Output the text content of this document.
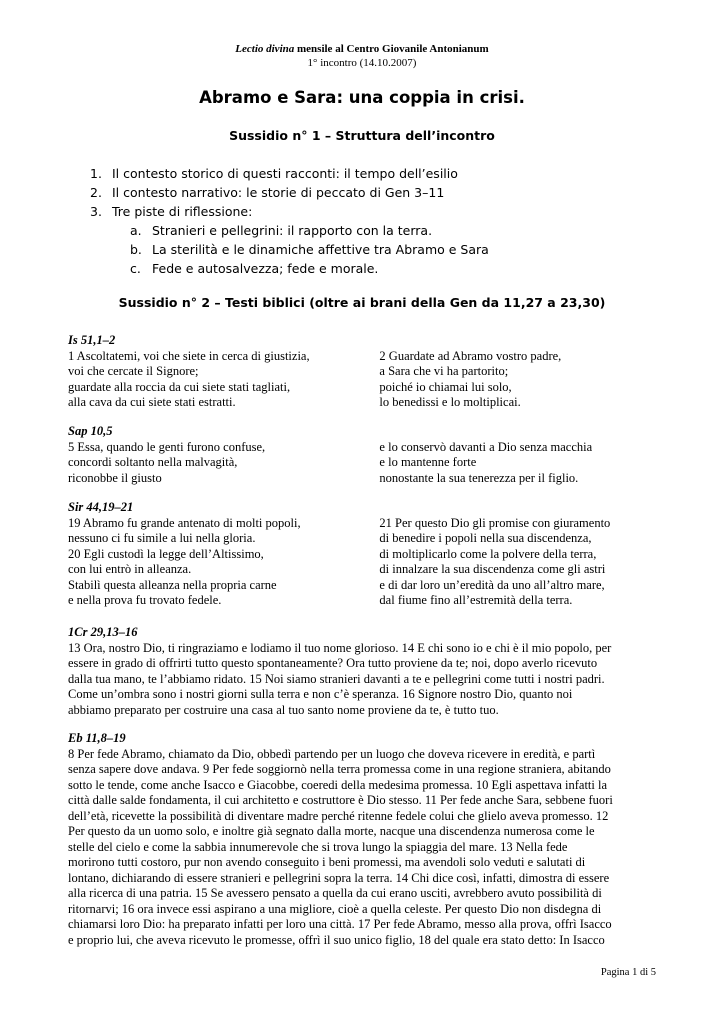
Lectio divina mensile al Centro Giovanile Antonianum
1° incontro (14.10.2007)
Abramo e Sara: una coppia in crisi.
Sussidio n° 1 – Struttura dell’incontro
1. Il contesto storico di questi racconti: il tempo dell’esilio
2. Il contesto narrativo: le storie di peccato di Gen 3–11
3. Tre piste di riflessione:
a. Stranieri e pellegrini: il rapporto con la terra.
b. La sterilità e le dinamiche affettive tra Abramo e Sara
c. Fede e autosalvezza; fede e morale.
Sussidio n° 2 – Testi biblici (oltre ai brani della Gen da 11,27 a 23,30)
Is 51,1–2
1 Ascoltatemi, voi che siete in cerca di giustizia,
voi che cercate il Signore;
guardate alla roccia da cui siete stati tagliati,
alla cava da cui siete stati estratti.
2 Guardate ad Abramo vostro padre,
a Sara che vi ha partorito;
poiché io chiamai lui solo,
lo benedissi e lo moltiplicai.
Sap 10,5
5 Essa, quando le genti furono confuse,
concordi soltanto nella malvagità,
riconobbe il giusto
e lo conservò davanti a Dio senza macchia
e lo mantenne forte
nonostante la sua tenerezza per il figlio.
Sir 44,19–21
19 Abramo fu grande antenato di molti popoli,
nessuno ci fu simile a lui nella gloria.
20 Egli custodì la legge dell’Altissimo,
con lui entrò in alleanza.
Stabilì questa alleanza nella propria carne
e nella prova fu trovato fedele.
21 Per questo Dio gli promise con giuramento
di benedire i popoli nella sua discendenza,
di moltiplicarlo come la polvere della terra,
di innalzare la sua discendenza come gli astri
e di dar loro un’eredità da uno all’altro mare,
dal fiume fino all’estremità della terra.
1Cr 29,13–16
13 Ora, nostro Dio, ti ringraziamo e lodiamo il tuo nome glorioso. 14 E chi sono io e chi è il mio popolo, per
essere in grado di offrirti tutto questo spontaneamente? Ora tutto proviene da te; noi, dopo averlo ricevuto
dalla tua mano, te l’abbiamo ridato. 15 Noi siamo stranieri davanti a te e pellegrini come tutti i nostri padri.
Come un’ombra sono i nostri giorni sulla terra e non c’è speranza. 16 Signore nostro Dio, quanto noi
abbiamo preparato per costruire una casa al tuo santo nome proviene da te, è tutto tuo.
Eb 11,8–19
8 Per fede Abramo, chiamato da Dio, obbedì partendo per un luogo che doveva ricevere in eredità, e partì
senza sapere dove andava. 9 Per fede soggiornò nella terra promessa come in una regione straniera, abitando
sotto le tende, come anche Isacco e Giacobbe, coeredi della medesima promessa. 10 Egli aspettava infatti la
città dalle salde fondamenta, il cui architetto e costruttore è Dio stesso. 11 Per fede anche Sara, sebbene fuori
dell’età, ricevette la possibilità di diventare madre perché ritenne fedele colui che glielo aveva promesso. 12
Per questo da un uomo solo, e inoltre già segnato dalla morte, nacque una discendenza numerosa come le
stelle del cielo e come la sabbia innumerevole che si trova lungo la spiaggia del mare. 13 Nella fede
morirono tutti costoro, pur non avendo conseguito i beni promessi, ma avendoli solo veduti e salutati di
lontano, dichiarando di essere stranieri e pellegrini sopra la terra. 14 Chi dice così, infatti, dimostra di essere
alla ricerca di una patria. 15 Se avessero pensato a quella da cui erano usciti, avrebbero avuto possibilità di
ritornarvi; 16 ora invece essi aspirano a una migliore, cioè a quella celeste. Per questo Dio non disdegna di
chiamarsi loro Dio: ha preparato infatti per loro una città. 17 Per fede Abramo, messo alla prova, offrì Isacco
e proprio lui, che aveva ricevuto le promesse, offrì il suo unico figlio, 18 del quale era stato detto: In Isacco
Pagina 1 di 5
